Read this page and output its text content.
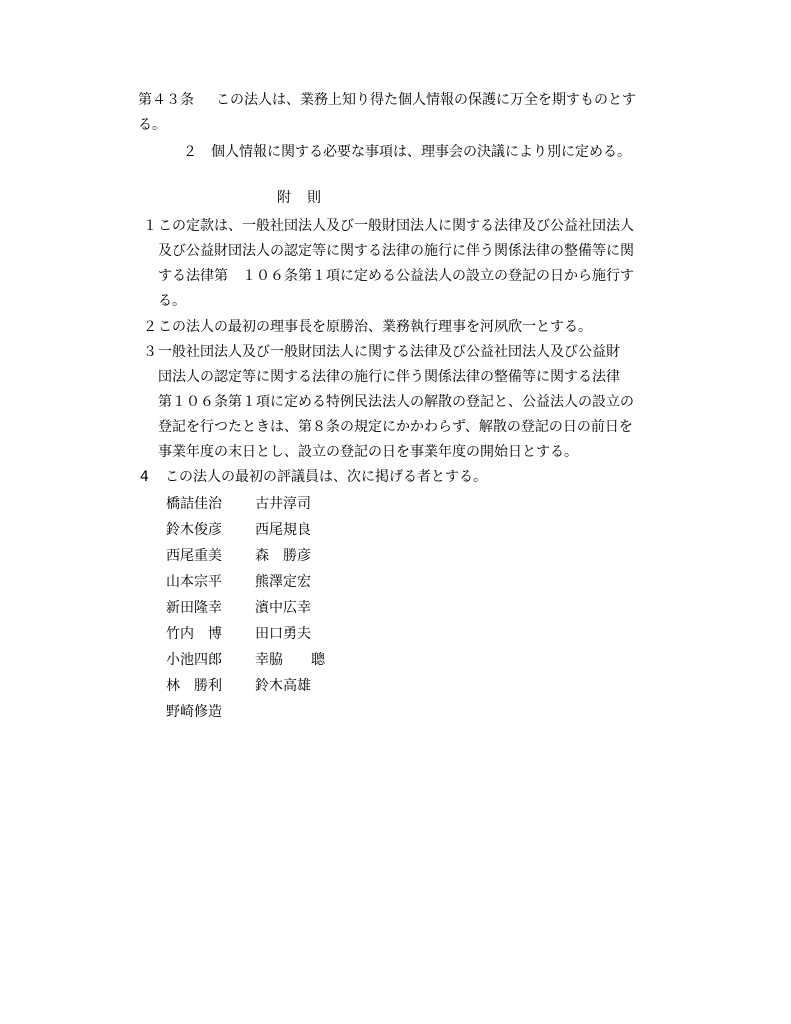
第４３条 この法人は、業務上知り得た個人情報の保護に万全を期すものとす
る。
２ 個人情報に関する必要な事項は、理事会の決議により別に定める。
附 則
１ この定款は、一般社団法人及び一般財団法人に関する法律及び公益社団法人
及び公益財団法人の認定等に関する法律の施行に伴う関係法律の整備等に関
する法律第　１０６条第１項に定める公益法人の設立の登記の日から施行す
る。
２ この法人の最初の理事長を原勝治、業務執行理事を河夙欣一とする。
３ 一般社団法人及び一般財団法人に関する法律及び公益社団法人及び公益財
団法人の認定等に関する法律の施行に伴う関係法律の整備等に関する法律
第１０６条第１項に定める特例民法法人の解散の登記と、公益法人の設立の
登記を行つたときは、第８条の規定にかかわらず、解散の登記の日の前日を
事業年度の末日とし、設立の登記の日を事業年度の開始日とする。
4 この法人の最初の評議員は、次に掲げる者とする。
橋詰佳治
鈴木俊彦
西尾重美
山本宗平
新田隆幸
竹内　博
小池四郎
林　勝利
野崎修造
古井淳司
西尾規良
森　勝彦
熊澤定宏
濱中広幸
田口勇夫
幸脇　　聰
鈴木高雄
